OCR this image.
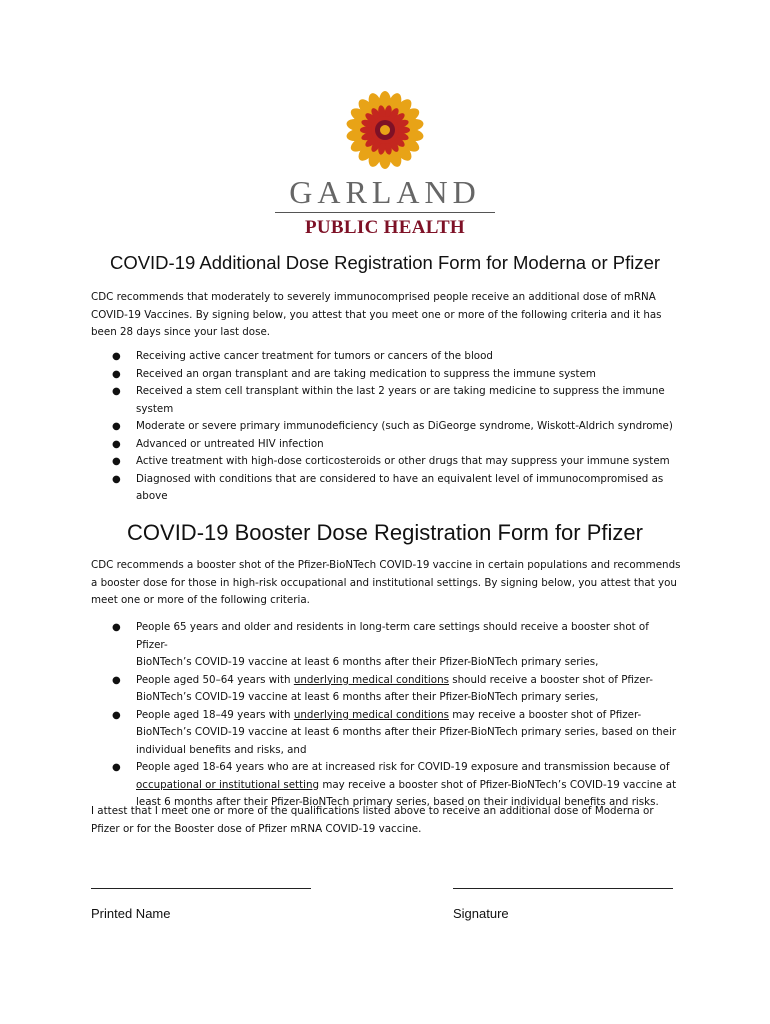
GARLAND
PUBLIC HEALTH
COVID-19 Additional Dose Registration Form for Moderna or Pfizer
CDC recommends that moderately to severely immunocomprised people receive an additional dose of mRNA
COVID-19 Vaccines. By signing below, you attest that you meet one or more of the following criteria and it has
been 28 days since your last dose.
● Receiving active cancer treatment for tumors or cancers of the blood
● Received an organ transplant and are taking medication to suppress the immune system
● Received a stem cell transplant within the last 2 years or are taking medicine to suppress the immune
system
● Moderate or severe primary immunodeficiency (such as DiGeorge syndrome, Wiskott-Aldrich syndrome)
● Advanced or untreated HIV infection
● Active treatment with high-dose corticosteroids or other drugs that may suppress your immune system
● Diagnosed with conditions that are considered to have an equivalent level of immunocompromised as
above
COVID-19 Booster Dose Registration Form for Pfizer
CDC recommends a booster shot of the Pfizer-BioNTech COVID-19 vaccine in certain populations and recommends
a booster dose for those in high-risk occupational and institutional settings. By signing below, you attest that you
meet one or more of the following criteria.
● People 65 years and older and residents in long-term care settings should receive a booster shot of Pfizer-
BioNTech’s COVID-19 vaccine at least 6 months after their Pfizer-BioNTech primary series,
● People aged 50–64 years with underlying medical conditions should receive a booster shot of Pfizer-
BioNTech’s COVID-19 vaccine at least 6 months after their Pfizer-BioNTech primary series,
● People aged 18–49 years with underlying medical conditions may receive a booster shot of Pfizer-
BioNTech’s COVID-19 vaccine at least 6 months after their Pfizer-BioNTech primary series, based on their
individual benefits and risks, and
● People aged 18-64 years who are at increased risk for COVID-19 exposure and transmission because of
occupational or institutional setting may receive a booster shot of Pfizer-BioNTech’s COVID-19 vaccine at
least 6 months after their Pfizer-BioNTech primary series, based on their individual benefits and risks.
I attest that I meet one or more of the qualifications listed above to receive an additional dose of Moderna or
Pfizer or for the Booster dose of Pfizer mRNA COVID-19 vaccine.
Printed Name	Signature
